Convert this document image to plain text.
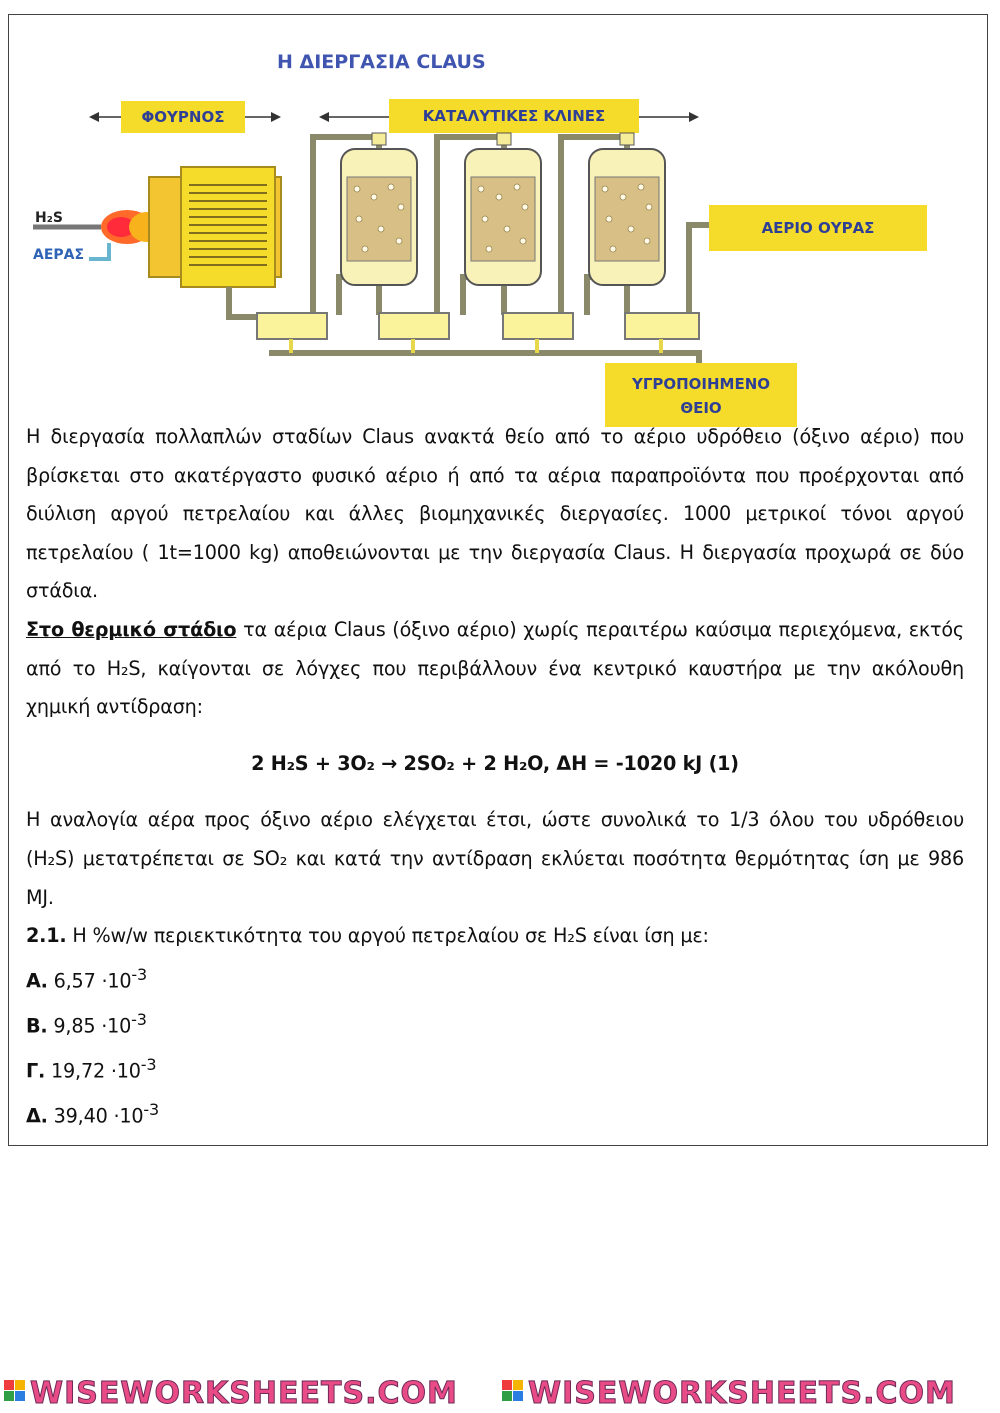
Η ΔΙΕΡΓΑΣΙΑ CLAUS
ΦΟΥΡΝΟΣ	ΚΑΤΑΛΥΤΙΚΕΣ ΚΛΙΝΕΣ
H₂S
ΑΕΡΑΣ
ΑΕΡΙΟ ΟΥΡΑΣ
ΥΓΡΟΠΟΙΗΜΕΝΟ
ΘΕΙΟ

Η διεργασία πολλαπλών σταδίων Claus ανακτά θείο από το αέριο υδρόθειο (όξινο αέριο) που βρίσκεται στο ακατέργαστο φυσικό αέριο ή από τα αέρια παραπροϊόντα που προέρχονται από διύλιση αργού πετρελαίου και άλλες βιομηχανικές διεργασίες. 1000 μετρικοί τόνοι αργού πετρελαίου ( 1t=1000 kg) αποθειώνονται με την διεργασία Claus. Η διεργασία προχωρά σε δύο στάδια.

Στο θερμικό στάδιο τα αέρια Claus (όξινο αέριο) χωρίς περαιτέρω καύσιμα περιεχόμενα, εκτός από το H₂S, καίγονται σε λόγχες που περιβάλλουν ένα κεντρικό καυστήρα με την ακόλουθη χημική αντίδραση:

2 H₂S + 3O₂ → 2SO₂ + 2 H₂O, ΔH = -1020 kJ (1)

Η αναλογία αέρα προς όξινο αέριο ελέγχεται έτσι, ώστε συνολικά το 1/3 όλου του υδρόθειου (H₂S) μετατρέπεται σε SO₂ και κατά την αντίδραση εκλύεται ποσότητα θερμότητας ίση με 986 MJ.

2.1. Η %w/w περιεκτικότητα του αργού πετρελαίου σε H₂S είναι ίση με:

Α. $6,57 \cdot 10^{-3}$

Β. $9,85 \cdot 10^{-3}$

Γ. $19,72 \cdot 10^{-3}$

Δ. $39,40 \cdot 10^{-3}$

WISEWORKSHEETS.COM WISEWORKSHEETS.COM
